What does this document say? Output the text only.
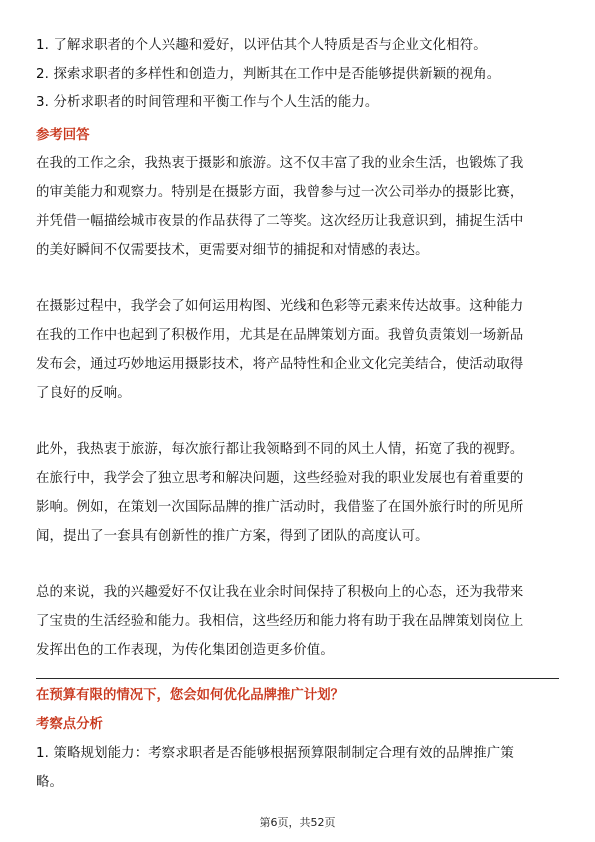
1. 了解求职者的个人兴趣和爱好，以评估其个人特质是否与企业文化相符。
2. 探索求职者的多样性和创造力，判断其在工作中是否能够提供新颖的视角。
3. 分析求职者的时间管理和平衡工作与个人生活的能力。
参考回答
在我的工作之余，我热衷于摄影和旅游。这不仅丰富了我的业余生活，也锻炼了我
的审美能力和观察力。特别是在摄影方面，我曾参与过一次公司举办的摄影比赛，
并凭借一幅描绘城市夜景的作品获得了二等奖。这次经历让我意识到，捕捉生活中
的美好瞬间不仅需要技术，更需要对细节的捕捉和对情感的表达。
在摄影过程中，我学会了如何运用构图、光线和色彩等元素来传达故事。这种能力
在我的工作中也起到了积极作用，尤其是在品牌策划方面。我曾负责策划一场新品
发布会，通过巧妙地运用摄影技术，将产品特性和企业文化完美结合，使活动取得
了良好的反响。
此外，我热衷于旅游，每次旅行都让我领略到不同的风土人情，拓宽了我的视野。
在旅行中，我学会了独立思考和解决问题，这些经验对我的职业发展也有着重要的
影响。例如，在策划一次国际品牌的推广活动时，我借鉴了在国外旅行时的所见所
闻，提出了一套具有创新性的推广方案，得到了团队的高度认可。
总的来说，我的兴趣爱好不仅让我在业余时间保持了积极向上的心态，还为我带来
了宝贵的生活经验和能力。我相信，这些经历和能力将有助于我在品牌策划岗位上
发挥出色的工作表现，为传化集团创造更多价值。
在预算有限的情况下，您会如何优化品牌推广计划？
考察点分析
1. 策略规划能力：考察求职者是否能够根据预算限制制定合理有效的品牌推广策
略。
第6页，共52页
